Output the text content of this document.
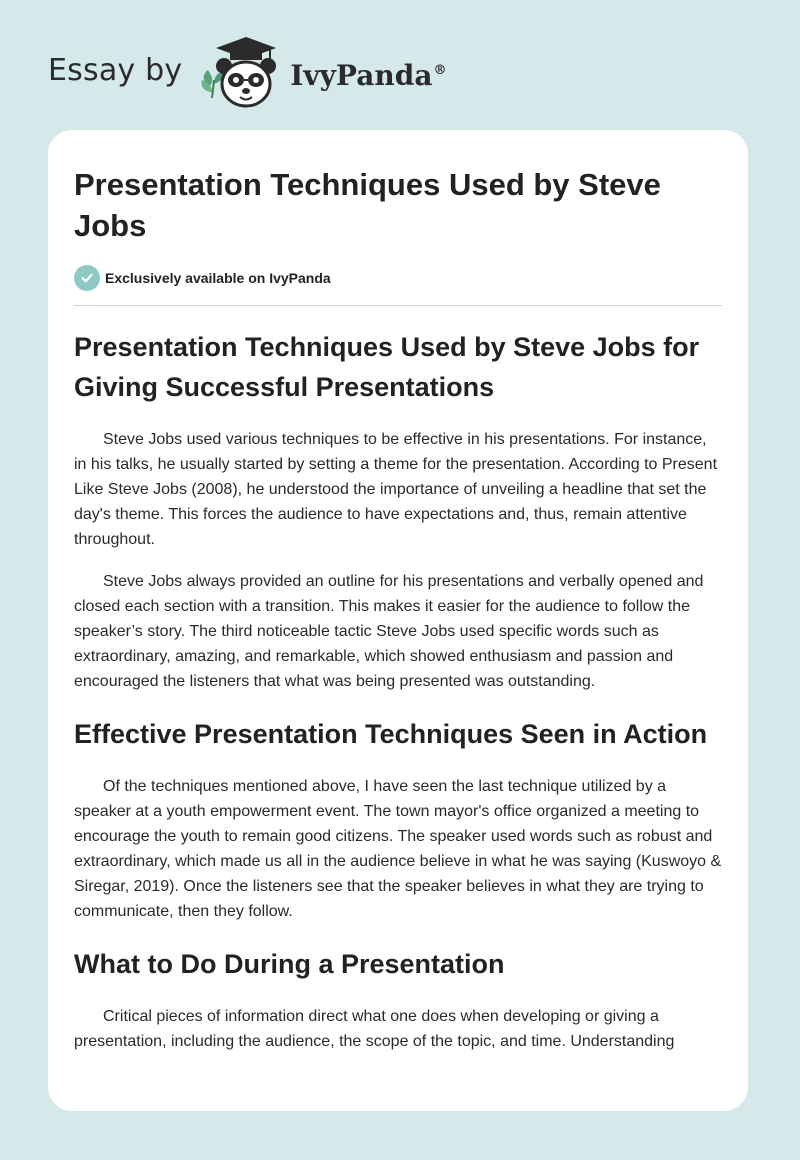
Essay by	IvyPanda®
Presentation Techniques Used by Steve Jobs
Exclusively available on IvyPanda
Presentation Techniques Used by Steve Jobs for Giving Successful Presentations

Steve Jobs used various techniques to be effective in his presentations. For instance, in his talks, he usually started by setting a theme for the presentation. According to Present Like Steve Jobs (2008), he understood the importance of unveiling a headline that set the day's theme. This forces the audience to have expectations and, thus, remain attentive throughout.

Steve Jobs always provided an outline for his presentations and verbally opened and closed each section with a transition. This makes it easier for the audience to follow the speaker’s story. The third noticeable tactic Steve Jobs used specific words such as extraordinary, amazing, and remarkable, which showed enthusiasm and passion and encouraged the listeners that what was being presented was outstanding.

Effective Presentation Techniques Seen in Action

Of the techniques mentioned above, I have seen the last technique utilized by a speaker at a youth empowerment event. The town mayor's office organized a meeting to encourage the youth to remain good citizens. The speaker used words such as robust and extraordinary, which made us all in the audience believe in what he was saying (Kuswoyo & Siregar, 2019). Once the listeners see that the speaker believes in what they are trying to communicate, then they follow.

What to Do During a Presentation

Critical pieces of information direct what one does when developing or giving a presentation, including the audience, the scope of the topic, and time. Understanding
